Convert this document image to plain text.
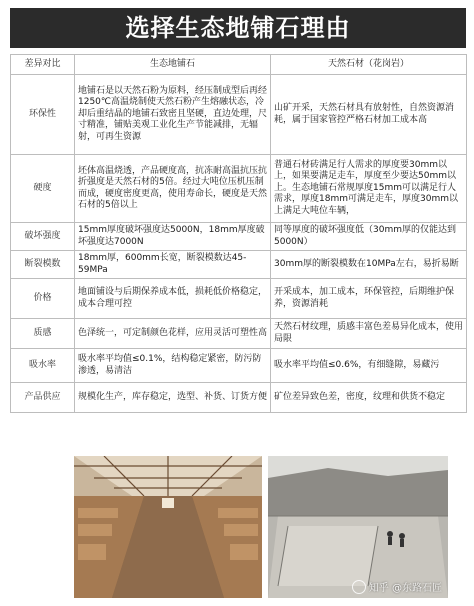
选择生态地铺石理由
差异对比	生态地铺石	天然石材（花岗岩）
环保性	地铺石是以天然石粉为原料，经压制成型后再经1250℃高温烧制使天然石粉产生熔融状态，冷却后重结晶的地铺石致密且坚硬，直边处理，尺寸精准，铺贴美观工业化生产节能减排，无辐射，可再生资源	山矿开采，天然石材具有放射性，自然资源消耗，属于国家管控严格石材加工成本高
硬度	坯体高温烧透，产品硬度高，抗冻耐高温抗压抗折强度是天然石材的5倍。经过大吨位压机压制而成，硬度密度更高，使用寿命长，硬度是天然石材的5倍以上	普通石材砖满足行人需求的厚度要30mm以上，如果要满足走车，厚度至少要达50mm以上。生态地铺石常规厚度15mm可以满足行人需求，厚度18mm可满足走车，厚度30mm以上满足大吨位车辆，
破坏强度	15mm厚度破坏强度达5000N，18mm厚度破坏强度达7000N	同等厚度的破坏强度低（30mm厚的仅能达到5000N）
断裂模数	18mm厚，600mm长宽，断裂模数达45-59MPa	30mm厚的断裂模数在10MPa左右，易折易断
价格	地面铺设与后期保养成本低，损耗低价格稳定，成本合理可控	开采成本，加工成本，环保管控，后期维护保养，资源消耗
质感	色泽统一，可定制颜色花样，应用灵活可塑性高	天然石材纹理，质感丰富色差易异化成本，使用局限
吸水率	吸水率平均值≤0.1%，结构稳定紧密，防污防渗透，易清洁	吸水率平均值≤0.6%，有细缝隙，易藏污
产品供应	规模化生产，库存稳定，选型、补货、订货方便	矿位差异致色差，密度，纹理和供货不稳定
知乎 @东路石匠
